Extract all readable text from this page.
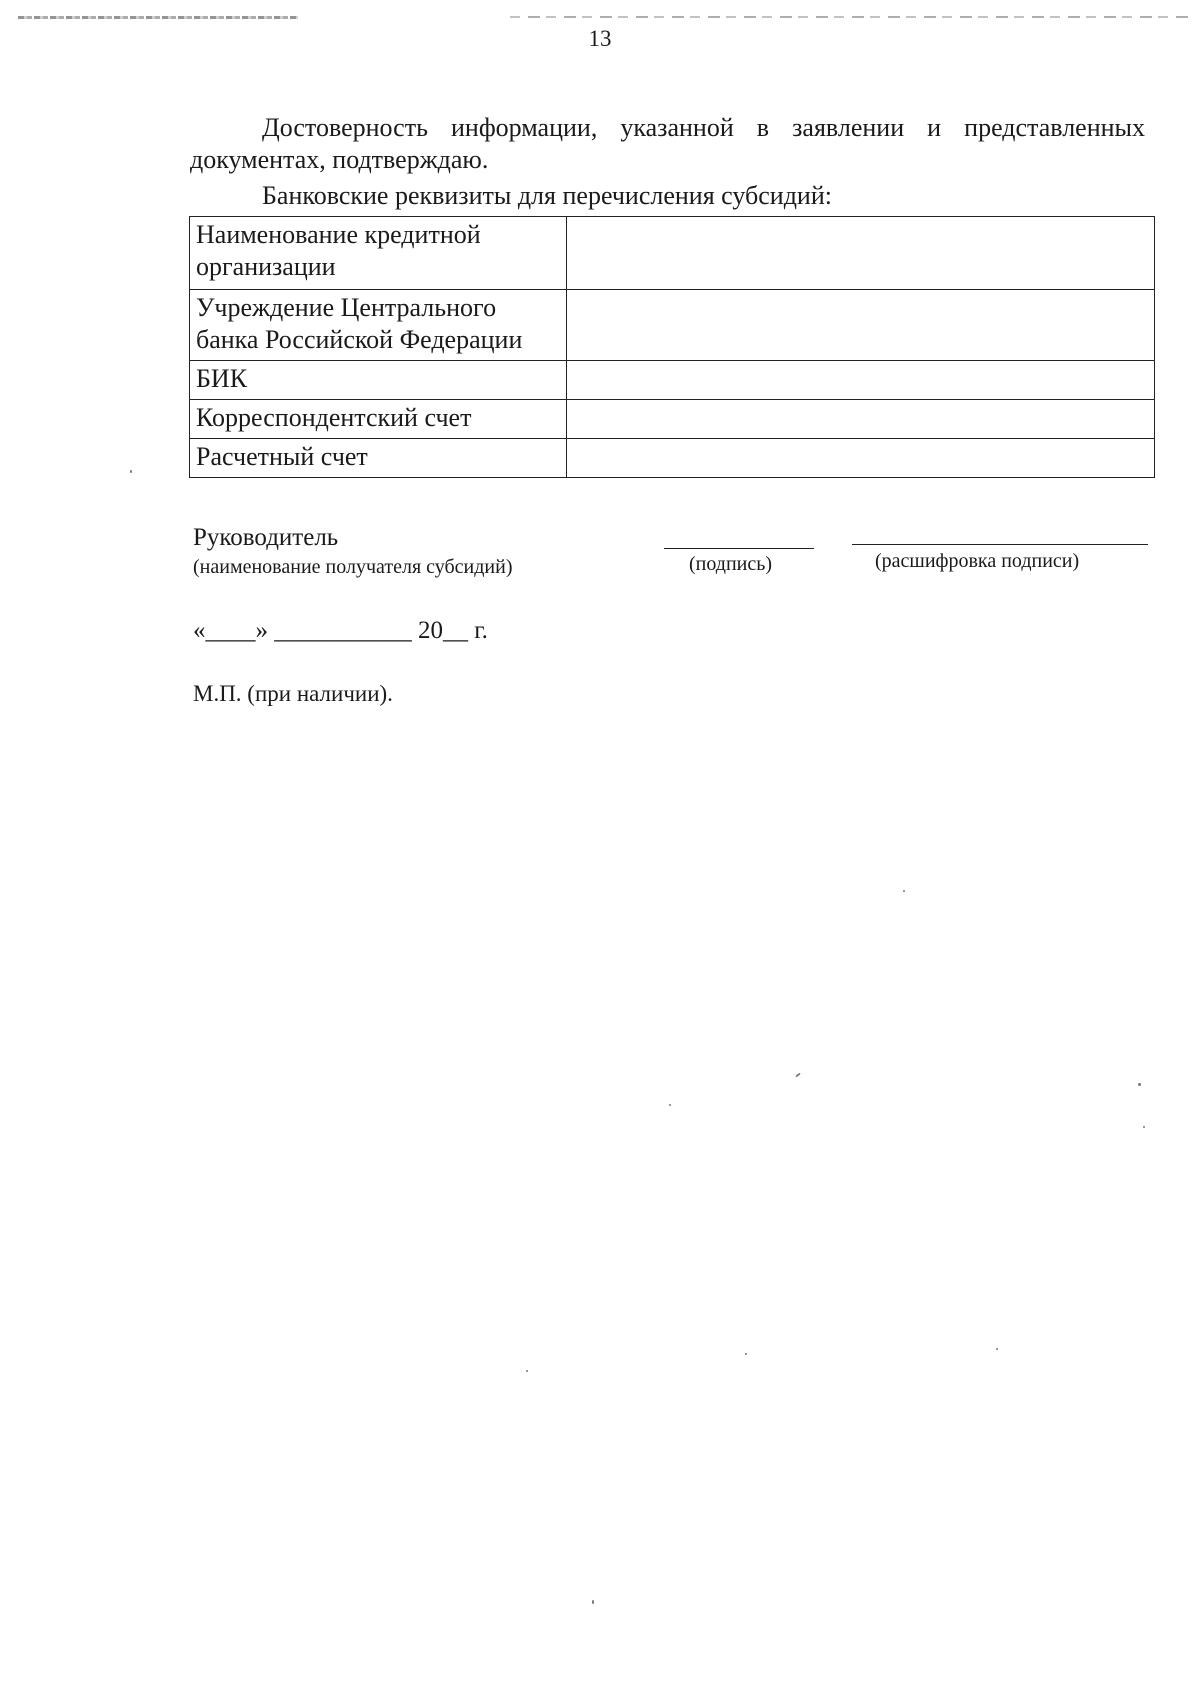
13
Достоверность информации, указанной в заявлении и представленных документах, подтверждаю.
Банковские реквизиты для перечисления субсидий:
Наименование кредитной организации	
Учреждение Центрального банка Российской Федерации	
БИК	
Корреспондентский счет	
Расчетный счет	
Руководитель
(наименование получателя субсидий)	(подпись)	(расшифровка подписи)
«____» ___________ 20__ г.
М.П. (при наличии).
